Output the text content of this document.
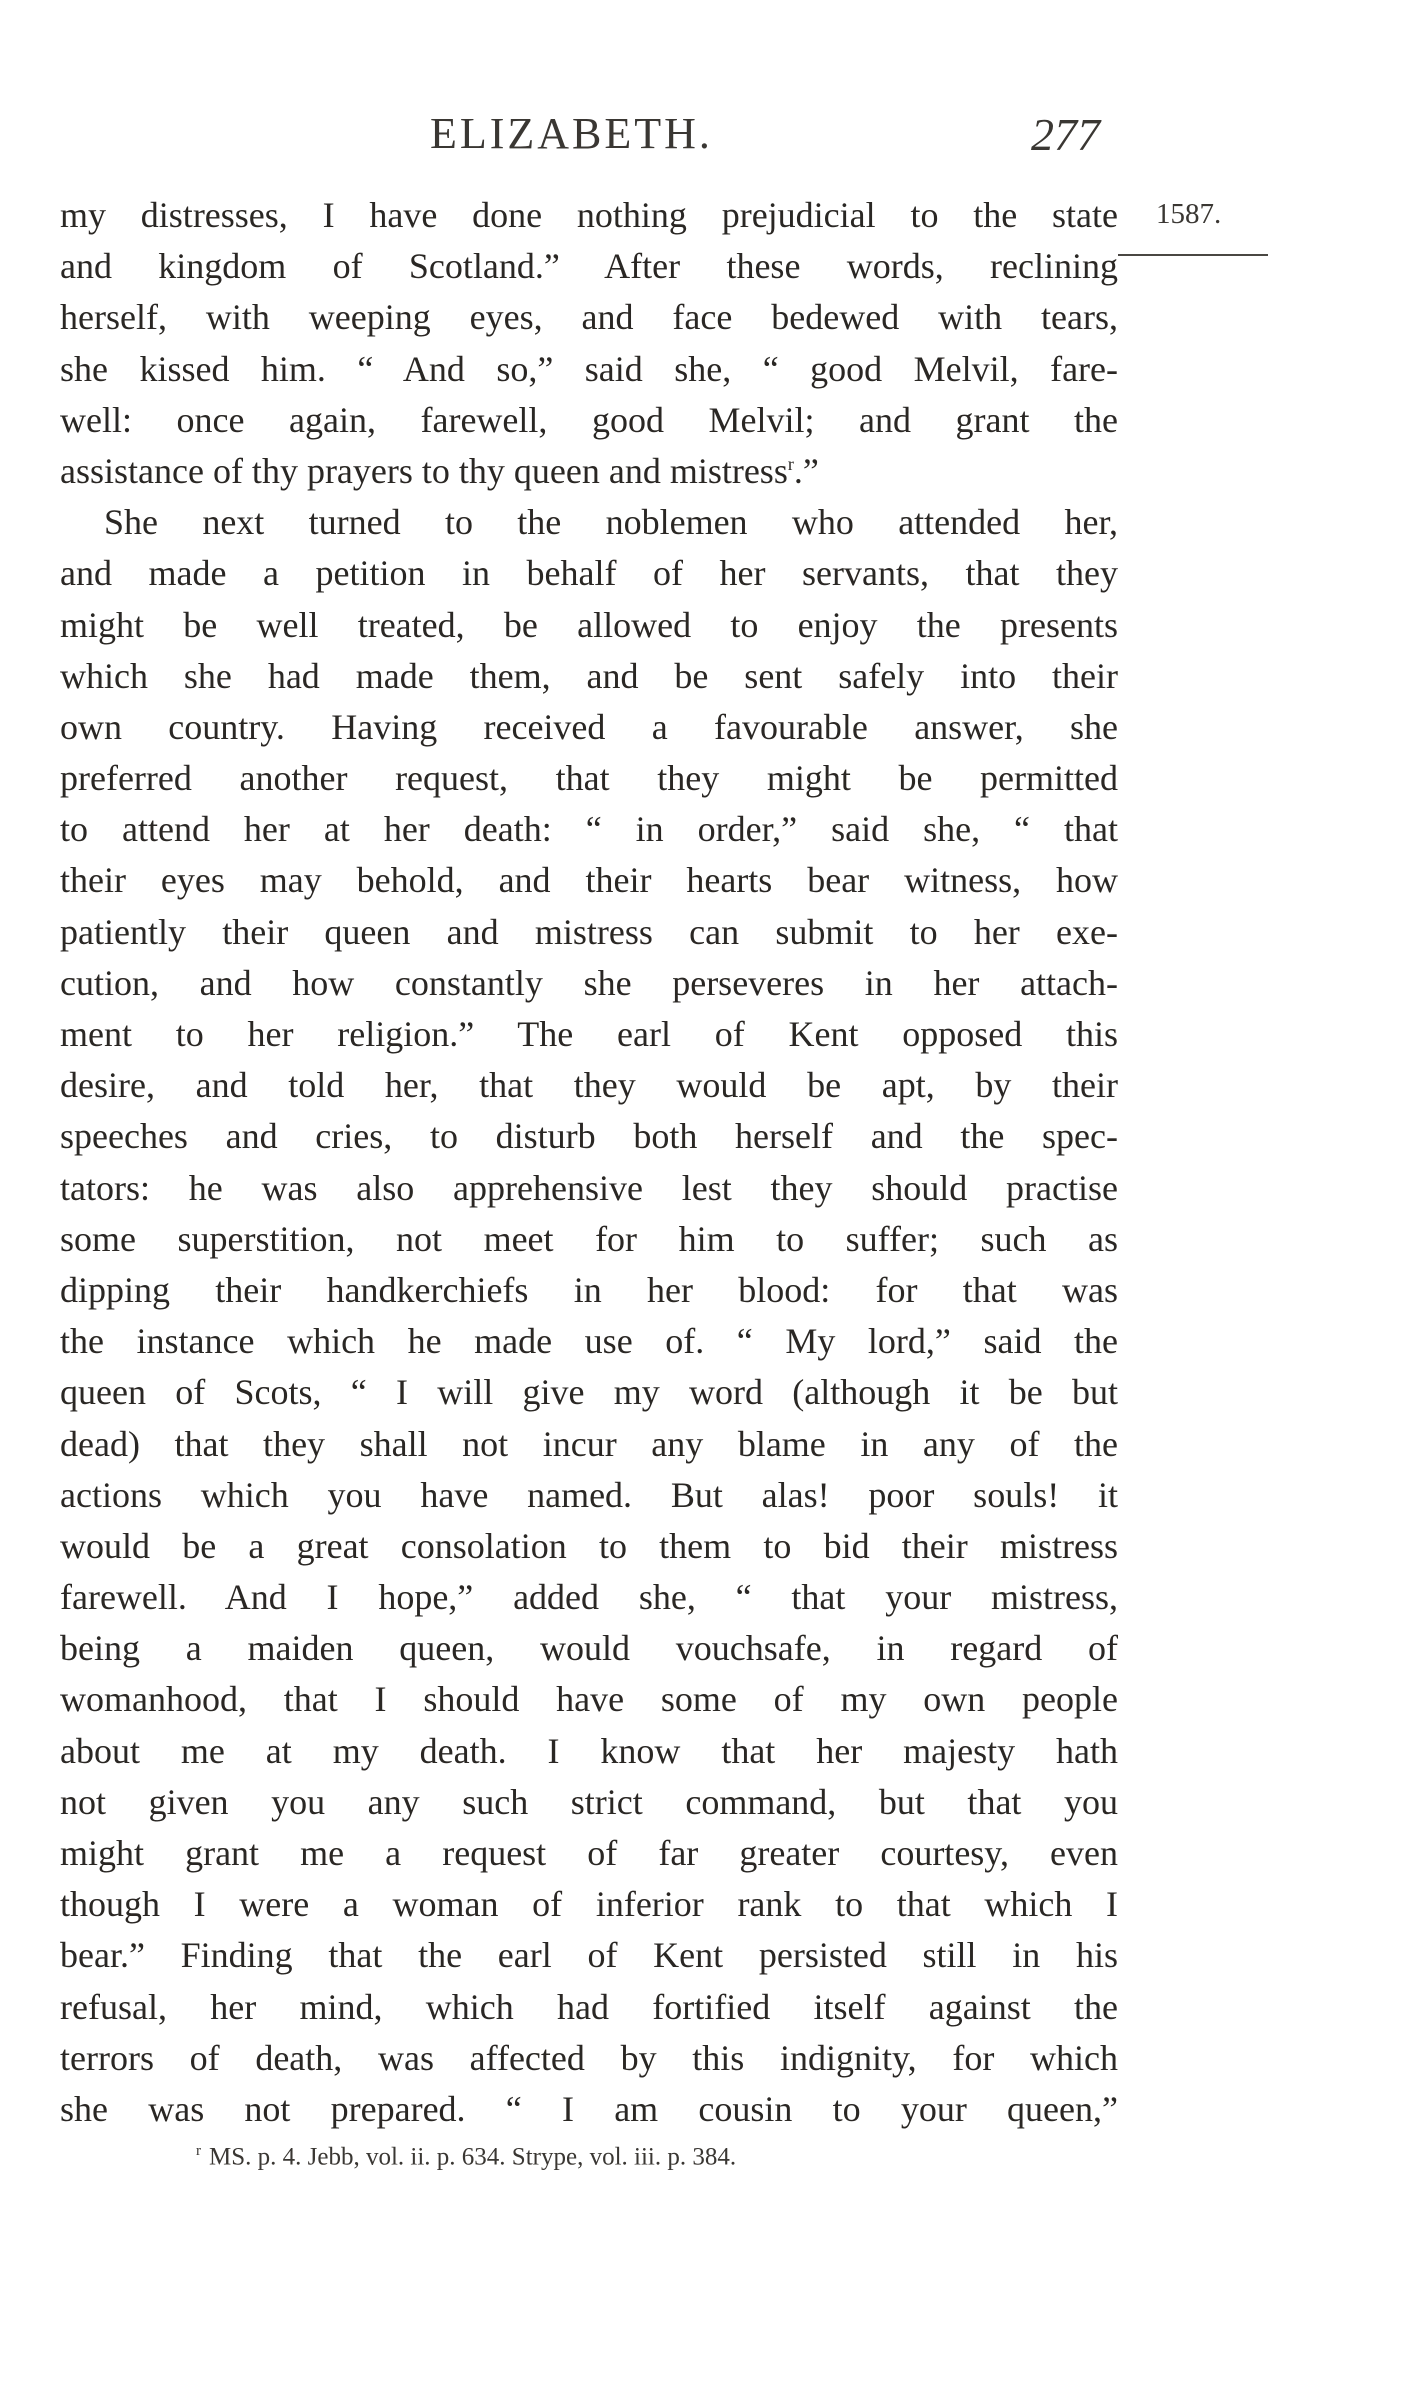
ELIZABETH.	277
1587.
my distresses, I have done nothing prejudicial to the state
and kingdom of Scotland.” After these words, reclining
herself, with weeping eyes, and face bedewed with tears,
she kissed him. “ And so,” said she, “ good Melvil, fare-
well: once again, farewell, good Melvil; and grant the
assistance of thy prayers to thy queen and mistress$^r$.”
She next turned to the noblemen who attended her,
and made a petition in behalf of her servants, that they
might be well treated, be allowed to enjoy the presents
which she had made them, and be sent safely into their
own country. Having received a favourable answer, she
preferred another request, that they might be permitted
to attend her at her death: “ in order,” said she, “ that
their eyes may behold, and their hearts bear witness, how
patiently their queen and mistress can submit to her exe-
cution, and how constantly she perseveres in her attach-
ment to her religion.” The earl of Kent opposed this
desire, and told her, that they would be apt, by their
speeches and cries, to disturb both herself and the spec-
tators: he was also apprehensive lest they should practise
some superstition, not meet for him to suffer; such as
dipping their handkerchiefs in her blood: for that was
the instance which he made use of. “ My lord,” said the
queen of Scots, “ I will give my word (although it be but
dead) that they shall not incur any blame in any of the
actions which you have named. But alas! poor souls! it
would be a great consolation to them to bid their mistress
farewell. And I hope,” added she, “ that your mistress,
being a maiden queen, would vouchsafe, in regard of
womanhood, that I should have some of my own people
about me at my death. I know that her majesty hath
not given you any such strict command, but that you
might grant me a request of far greater courtesy, even
though I were a woman of inferior rank to that which I
bear.” Finding that the earl of Kent persisted still in his
refusal, her mind, which had fortified itself against the
terrors of death, was affected by this indignity, for which
she was not prepared. “ I am cousin to your queen,”
$^r$ MS. p. 4. Jebb, vol. ii. p. 634. Strype, vol. iii. p. 384.
